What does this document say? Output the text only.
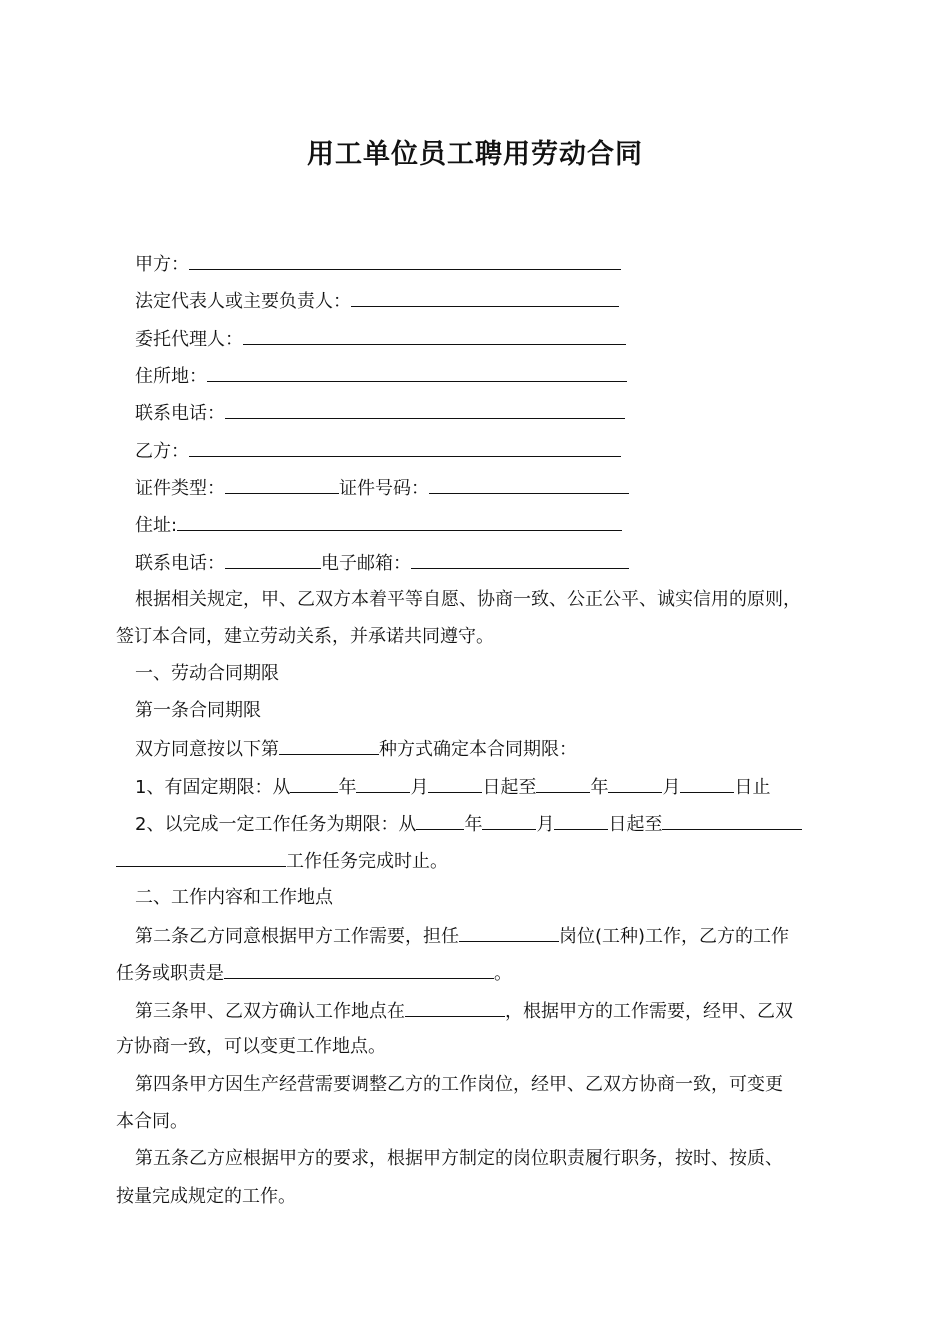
用工单位员工聘用劳动合同
甲方：
法定代表人或主要负责人：
委托代理人：
住所地：
联系电话：
乙方：
证件类型：	证件号码：
住址:
联系电话：	电子邮箱：
根据相关规定，甲、乙双方本着平等自愿、协商一致、公正公平、诚实信用的原则，
签订本合同，建立劳动关系，并承诺共同遵守。
一、劳动合同期限
第一条合同期限
双方同意按以下第	种方式确定本合同期限：
1、有固定期限：从	年	月	日起至	年	月	日止
2、以完成一定工作任务为期限：从	年	月	日起至
工作任务完成时止。
二、工作内容和工作地点
第二条乙方同意根据甲方工作需要，担任	岗位(工种)工作，乙方的工作
任务或职责是	。
第三条甲、乙双方确认工作地点在	，根据甲方的工作需要，经甲、乙双
方协商一致，可以变更工作地点。
第四条甲方因生产经营需要调整乙方的工作岗位，经甲、乙双方协商一致，可变更
本合同。
第五条乙方应根据甲方的要求，根据甲方制定的岗位职责履行职务，按时、按质、
按量完成规定的工作。
